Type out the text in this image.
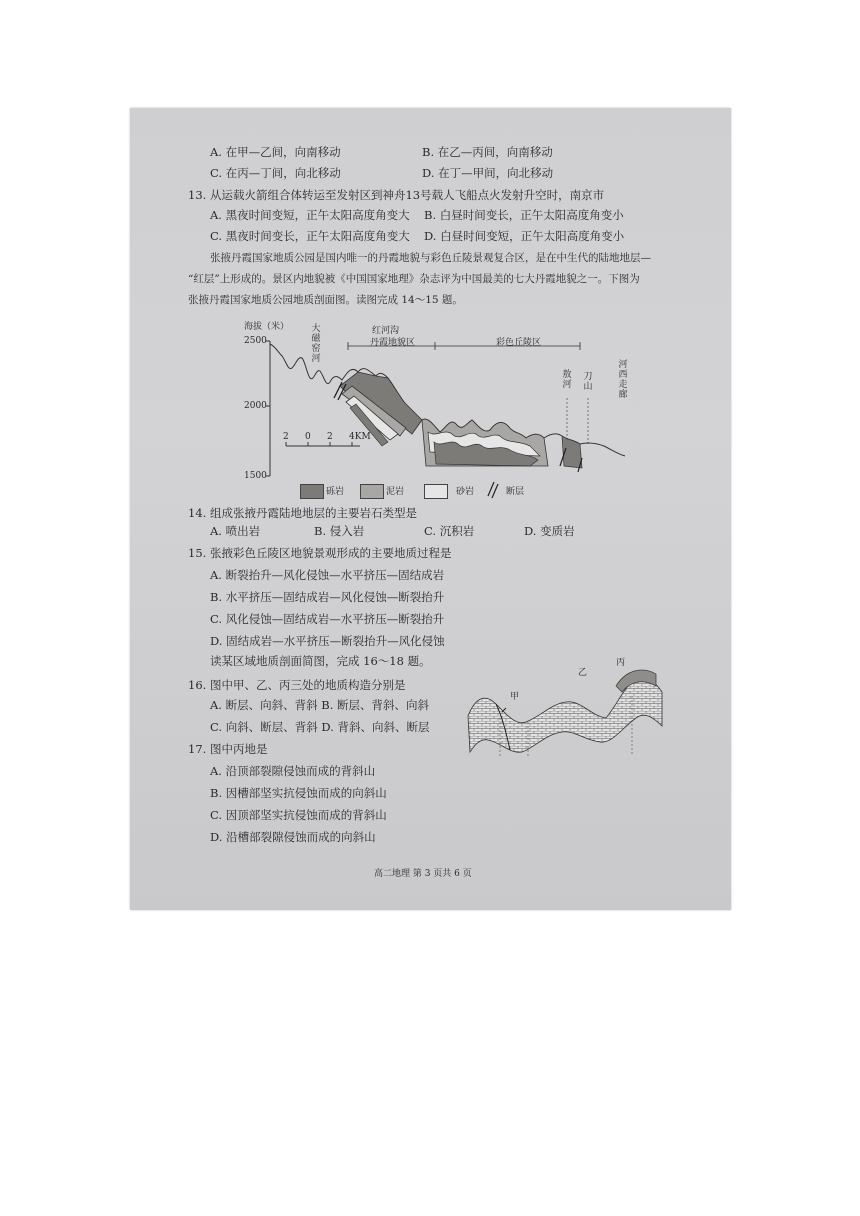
A. 在甲—乙间，向南移动	B. 在乙—丙间，向南移动
C. 在丙—丁间，向北移动	D. 在丁—甲间，向北移动
13. 从运载火箭组合体转运至发射区到神舟13号载人飞船点火发射升空时，南京市
A. 黑夜时间变短，正午太阳高度角变大 B. 白昼时间变长，正午太阳高度角变小
C. 黑夜时间变长，正午太阳高度角变大 D. 白昼时间变短，正午太阳高度角变小
张掖丹霞国家地质公园是国内唯一的丹霞地貌与彩色丘陵景观复合区，是在中生代的陆地地层—
“红层”上形成的。景区内地貌被《中国国家地理》杂志评为中国最美的七大丹霞地貌之一。下图为
张掖丹霞国家地质公园地质剖面图。读图完成 14～15 题。
海拔（米）
2500
2000
1500
大磁窑河
红河沟
丹霞地貌区	彩色丘陵区
敖河
刀山
河西走廊
2 0 2 4KM
砾岩	泥岩	砂岩	断层
14. 组成张掖丹霞陆地地层的主要岩石类型是
A. 喷出岩	B. 侵入岩	C. 沉积岩	D. 变质岩
15. 张掖彩色丘陵区地貌景观形成的主要地质过程是
A. 断裂抬升—风化侵蚀—水平挤压—固结成岩
B. 水平挤压—固结成岩—风化侵蚀—断裂抬升
C. 风化侵蚀—固结成岩—水平挤压—断裂抬升
D. 固结成岩—水平挤压—断裂抬升—风化侵蚀
读某区域地质剖面简图，完成 16～18 题。
16. 图中甲、乙、丙三处的地质构造分别是
A. 断层、向斜、背斜 B. 断层、背斜、向斜
C. 向斜、断层、背斜 D. 背斜、向斜、断层
甲
乙
丙
17. 图中丙地是
A. 沿顶部裂隙侵蚀而成的背斜山
B. 因槽部坚实抗侵蚀而成的向斜山
C. 因顶部坚实抗侵蚀而成的背斜山
D. 沿槽部裂隙侵蚀而成的向斜山
高二地理 第 3 页共 6 页
